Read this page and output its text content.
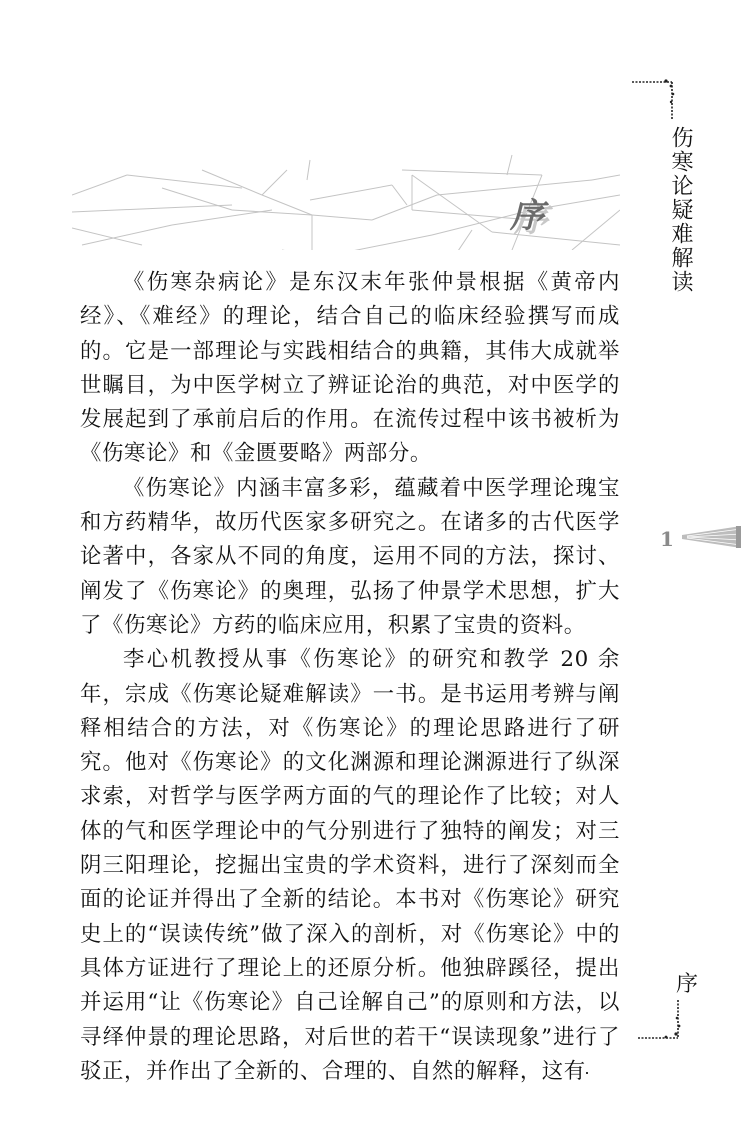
序

《伤寒杂病论》是东汉末年张仲景根据《黄帝内经》、《难经》的理论，结合自己的临床经验撰写而成的。它是一部理论与实践相结合的典籍，其伟大成就举世瞩目，为中医学树立了辨证论治的典范，对中医学的发展起到了承前启后的作用。在流传过程中该书被析为《伤寒论》和《金匮要略》两部分。

《伤寒论》内涵丰富多彩，蕴藏着中医学理论瑰宝和方药精华，故历代医家多研究之。在诸多的古代医学论著中，各家从不同的角度，运用不同的方法，探讨、阐发了《伤寒论》的奥理，弘扬了仲景学术思想，扩大了《伤寒论》方药的临床应用，积累了宝贵的资料。

李心机教授从事《伤寒论》的研究和教学 20 余年，宗成《伤寒论疑难解读》一书。是书运用考辨与阐释相结合的方法，对《伤寒论》的理论思路进行了研究。他对《伤寒论》的文化渊源和理论渊源进行了纵深求索，对哲学与医学两方面的气的理论作了比较；对人体的气和医学理论中的气分别进行了独特的阐发；对三阴三阳理论，挖掘出宝贵的学术资料，进行了深刻而全面的论证并得出了全新的结论。本书对《伤寒论》研究史上的“误读传统”做了深入的剖析，对《伤寒论》中的具体方证进行了理论上的还原分析。他独辟蹊径，提出并运用“让《伤寒论》自己诠解自己”的原则和方法，以寻绎仲景的理论思路，对后世的若干“误读现象”进行了驳正，并作出了全新的、合理的、自然的解释，这有

伤寒论疑难解读
1
序
